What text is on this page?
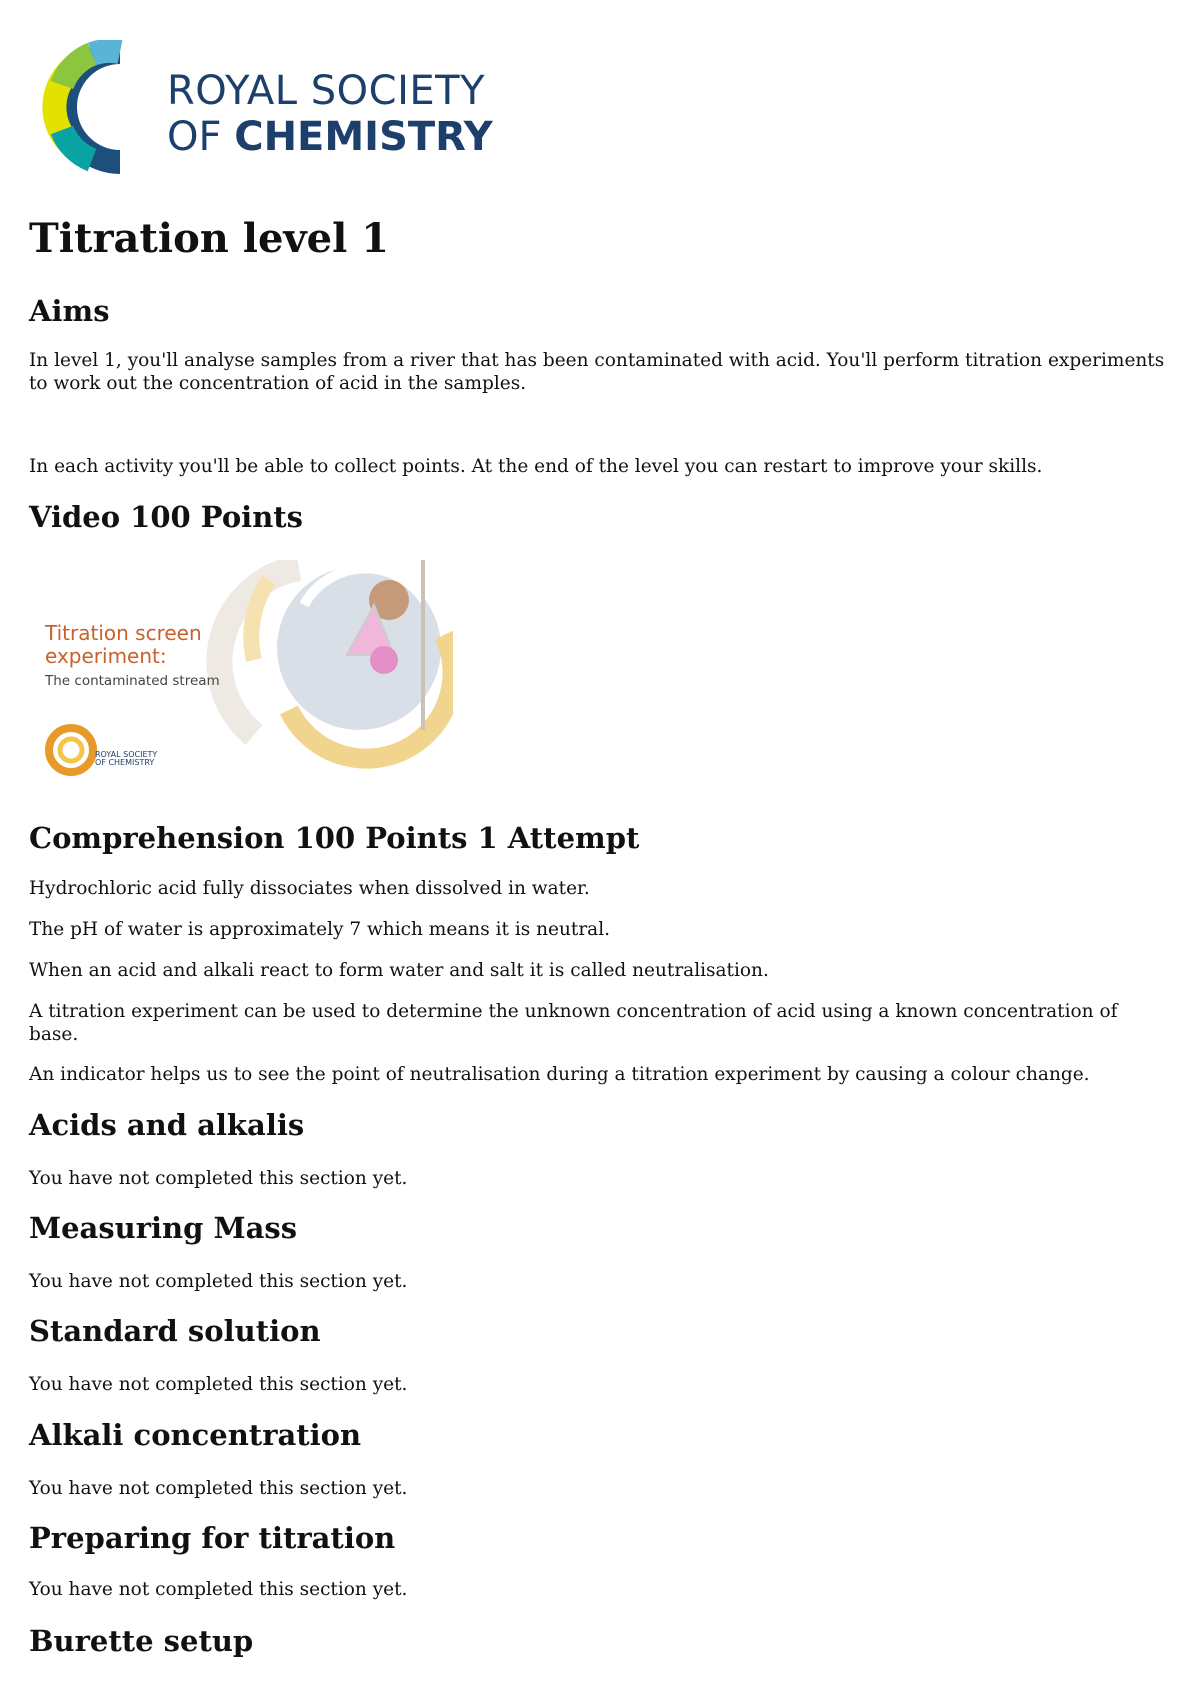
ROYAL SOCIETY
OF CHEMISTRY
Titration level 1
Aims

In level 1, you'll analyse samples from a river that has been contaminated with acid. You'll perform titration experiments to work out the concentration of acid in the samples.

In each activity you'll be able to collect points. At the end of the level you can restart to improve your skills.

Video 100 Points
Comprehension 100 Points 1 Attempt

Hydrochloric acid fully dissociates when dissolved in water.

The pH of water is approximately 7 which means it is neutral.

When an acid and alkali react to form water and salt it is called neutralisation.

A titration experiment can be used to determine the unknown concentration of acid using a known concentration of base.

An indicator helps us to see the point of neutralisation during a titration experiment by causing a colour change.

Acids and alkalis

You have not completed this section yet.

Measuring Mass

You have not completed this section yet.

Standard solution

You have not completed this section yet.

Alkali concentration

You have not completed this section yet.

Preparing for titration

You have not completed this section yet.

Burette setup
Titration screen experiment:
The contaminated stream
ROYAL SOCIETY
OF CHEMISTRY
